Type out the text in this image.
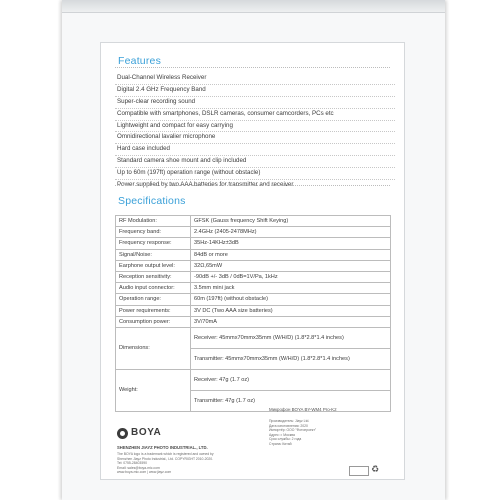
Features
Dual-Channel Wireless Receiver
Digital 2.4 GHz Frequency Band
Super-clear recording sound
Compatible with smartphones, DSLR cameras, consumer camcorders, PCs etc
Lightweight and compact for easy carrying
Omnidirectional lavalier microphone
Hard case included
Standard camera shoe mount and clip included
Up to 60m (197ft) operation range (without obstacle)
Power supplied by two AAA batteries for transmitter and receiver
Specifications
RF Modulation:	GFSK (Gauss frequency Shift Keying)
Frequency band:	2.4GHz (2405-2478MHz)
Frequency response:	35Hz-14KHz±3dB
Signal/Noise:	84dB or more
Earphone output level:	32Ω,65mW
Reception sensitivity:	-90dB +/- 3dB / 0dB=1V/Pa, 1kHz
Audio input connector:	3.5mm mini jack
Operation range:	60m (197ft) (without obstacle)
Power requirements:	3V DC (Two AAA size batteries)
Consumption power:	3V/70mA
Dimensions:	Receiver: 45mmx70mmx35mm (W/H/D) (1.8*2.8*1.4 inches)
	Transmitter: 45mmx70mmx35mm (W/H/D) (1.8*2.8*1.4 inches)
Weight:	Receiver: 47g (1.7 oz)
	Transmitter: 47g (1.7 oz)
BOYA
SHENZHEN JIAYZ PHOTO INDUSTRIAL., LTD.
The BOYA logo is a trademark which is registered and owned by
Shenzhen Jiayz Photo Industrial., Ltd. COPYRIGHT 2010-2020.
Tel: 0755-28403590
Email: sales@boya-mic.com
www.boya-mic.com | www.jiayz.com
Микрофон BOYA BY-WM4 Pro-K2
Производитель: Jiayz Ltd.
Дата изготовления: 2020
Импортёр: ООО "Фотопроект"
Адрес: г. Москва
Срок службы: 2 года
Страна: Китай
♻
